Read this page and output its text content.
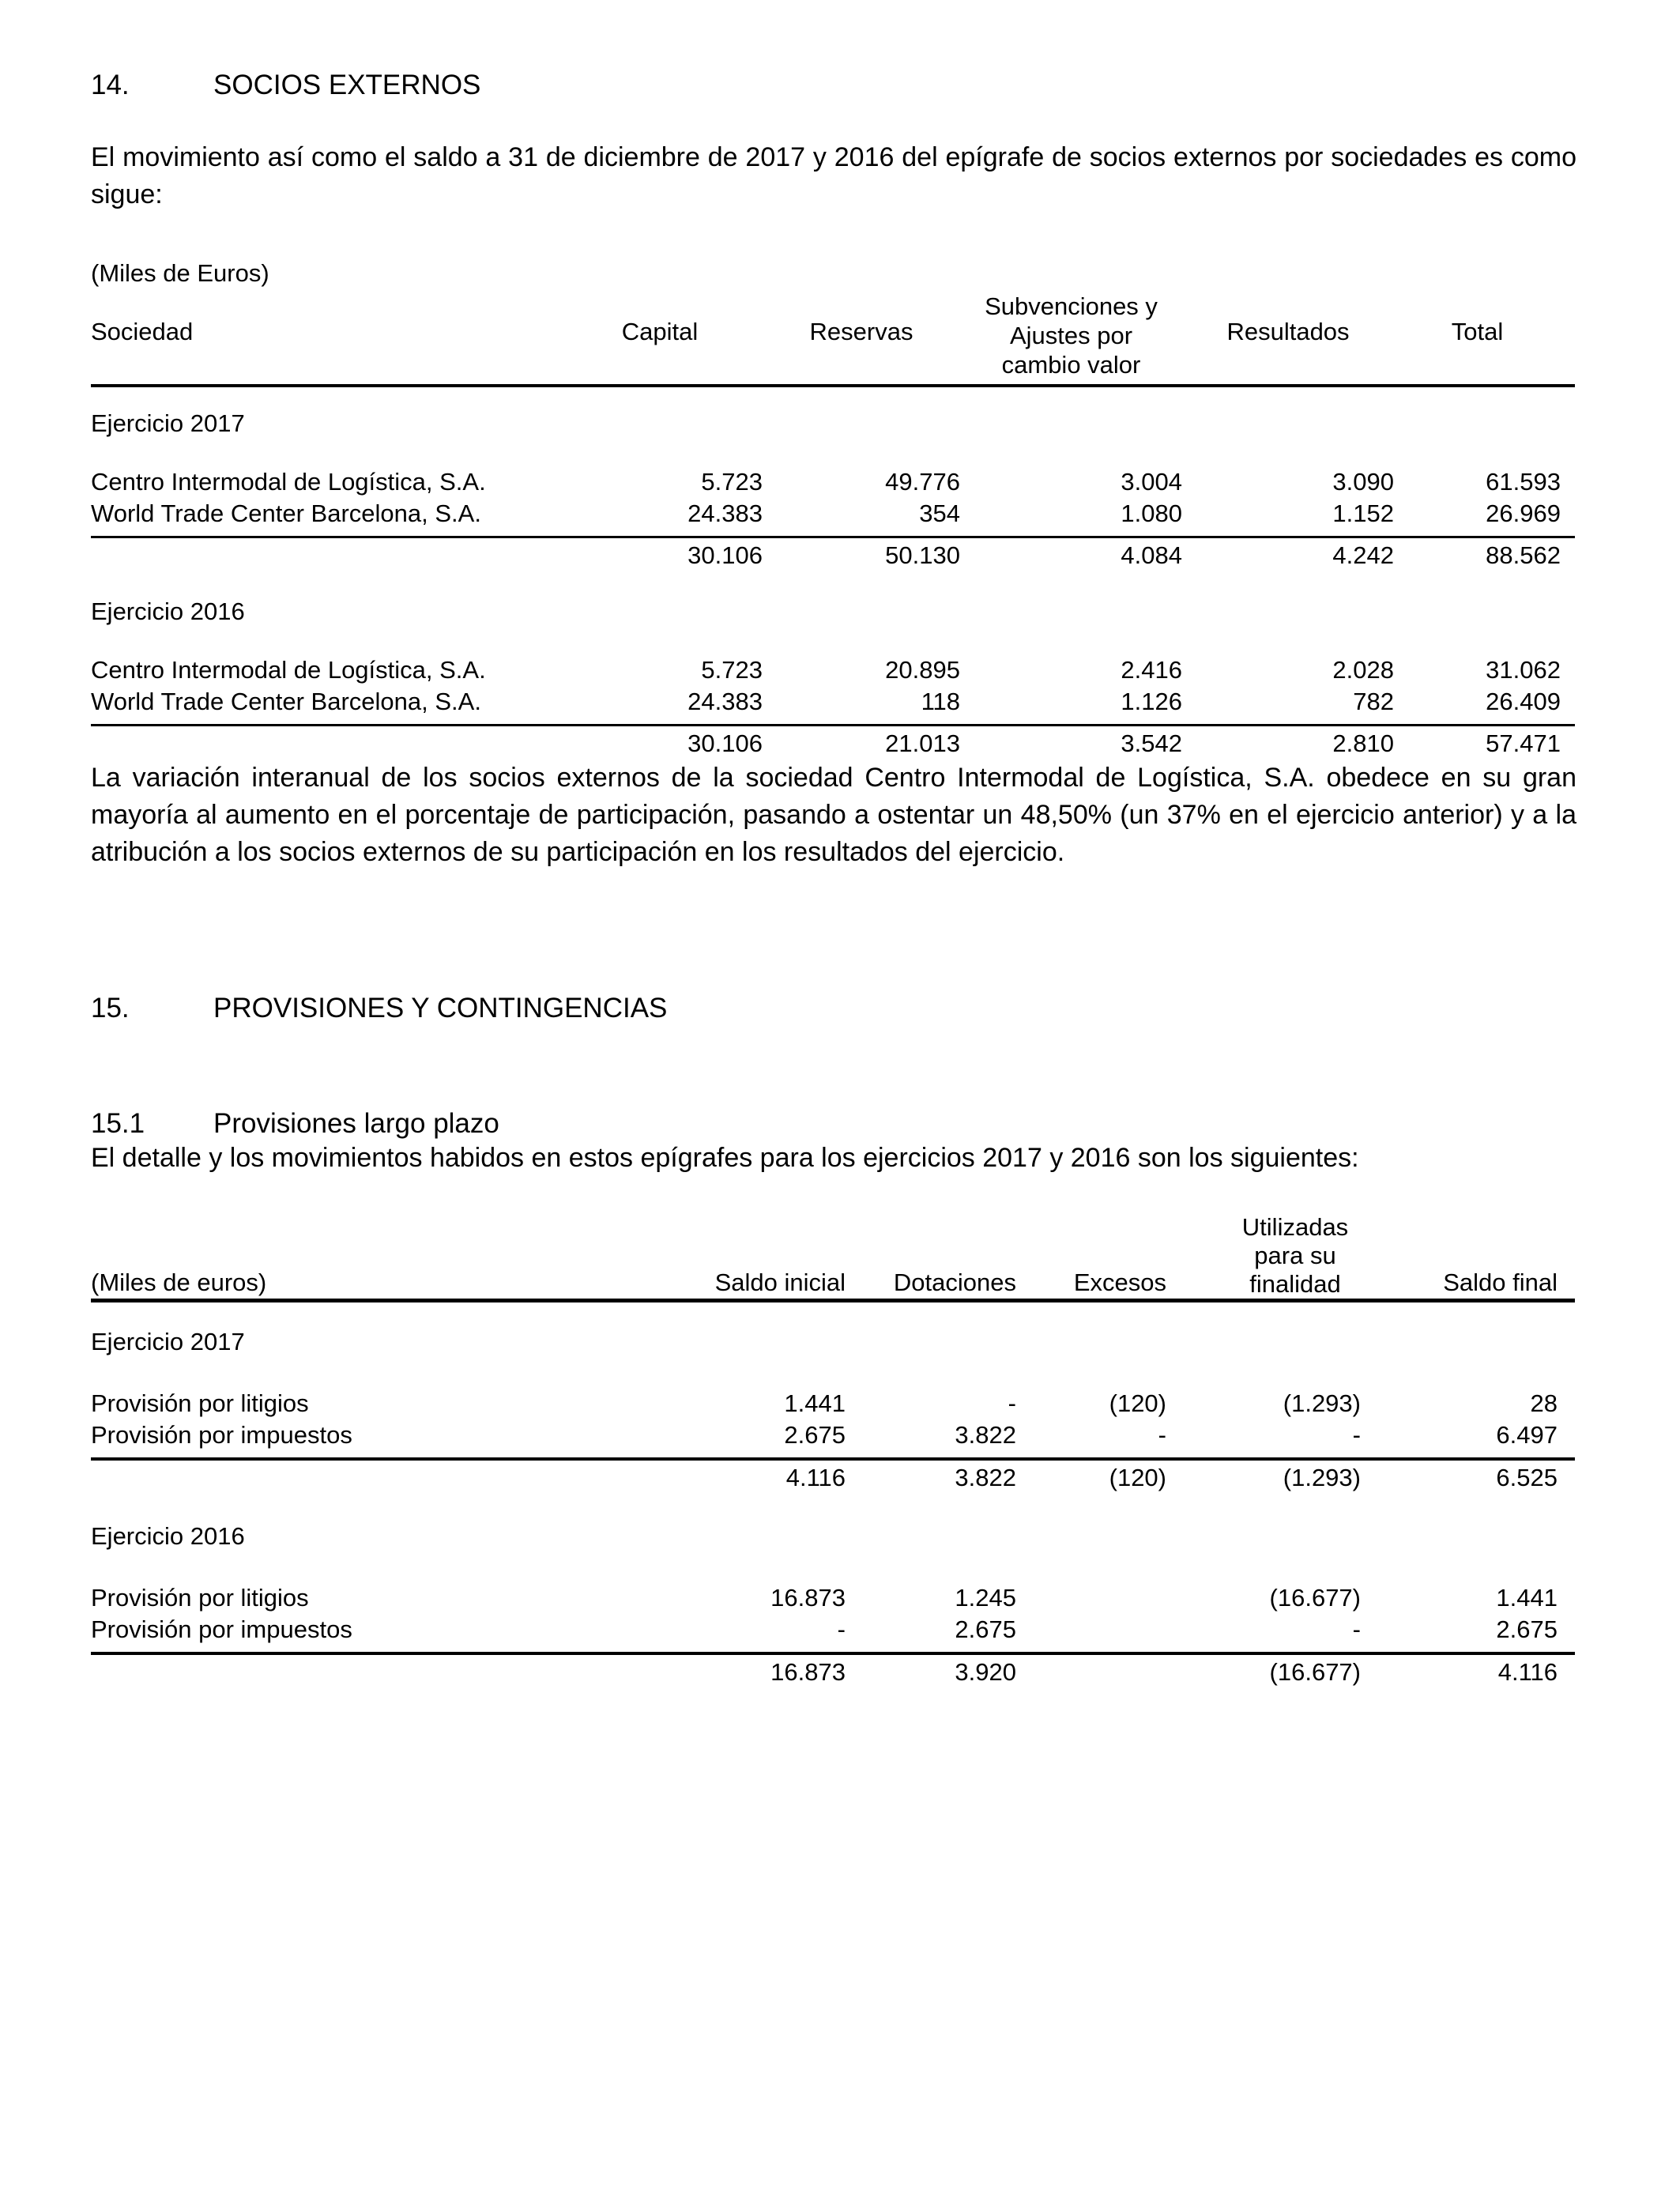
14.	SOCIOS EXTERNOS

El movimiento así como el saldo a 31 de diciembre de 2017 y 2016 del epígrafe de socios externos por sociedades es como sigue:

(Miles de Euros)

Sociedad	Capital	Reservas	Subvenciones y
Ajustes por
cambio valor	Resultados	Total
Ejercicio 2017					
Centro Intermodal de Logística, S.A.	5.723	49.776	3.004	3.090	61.593
World Trade Center Barcelona, S.A.	24.383	354	1.080	1.152	26.969
	30.106	50.130	4.084	4.242	88.562
Ejercicio 2016					
Centro Intermodal de Logística, S.A.	5.723	20.895	2.416	2.028	31.062
World Trade Center Barcelona, S.A.	24.383	118	1.126	782	26.409
	30.106	21.013	3.542	2.810	57.471

La variación interanual de los socios externos de la sociedad Centro Intermodal de Logística, S.A. obedece en su gran mayoría al aumento en el porcentaje de participación, pasando a ostentar un 48,50% (un 37% en el ejercicio anterior) y a la atribución a los socios externos de su participación en los resultados del ejercicio.

15.	PROVISIONES Y CONTINGENCIAS
15.1 Provisiones largo plazo

El detalle y los movimientos habidos en estos epígrafes para los ejercicios 2017 y 2016 son los siguientes:

(Miles de euros)	Saldo inicial	Dotaciones	Excesos	Utilizadas
para su
finalidad	Saldo final
Ejercicio 2017					
Provisión por litigios	1.441	-	(120)	(1.293)	28
Provisión por impuestos	2.675	3.822	-	-	6.497
	4.116	3.822	(120)	(1.293)	6.525
Ejercicio 2016					
Provisión por litigios	16.873	1.245		(16.677)	1.441
Provisión por impuestos	-	2.675		-	2.675
	16.873	3.920		(16.677)	4.116
